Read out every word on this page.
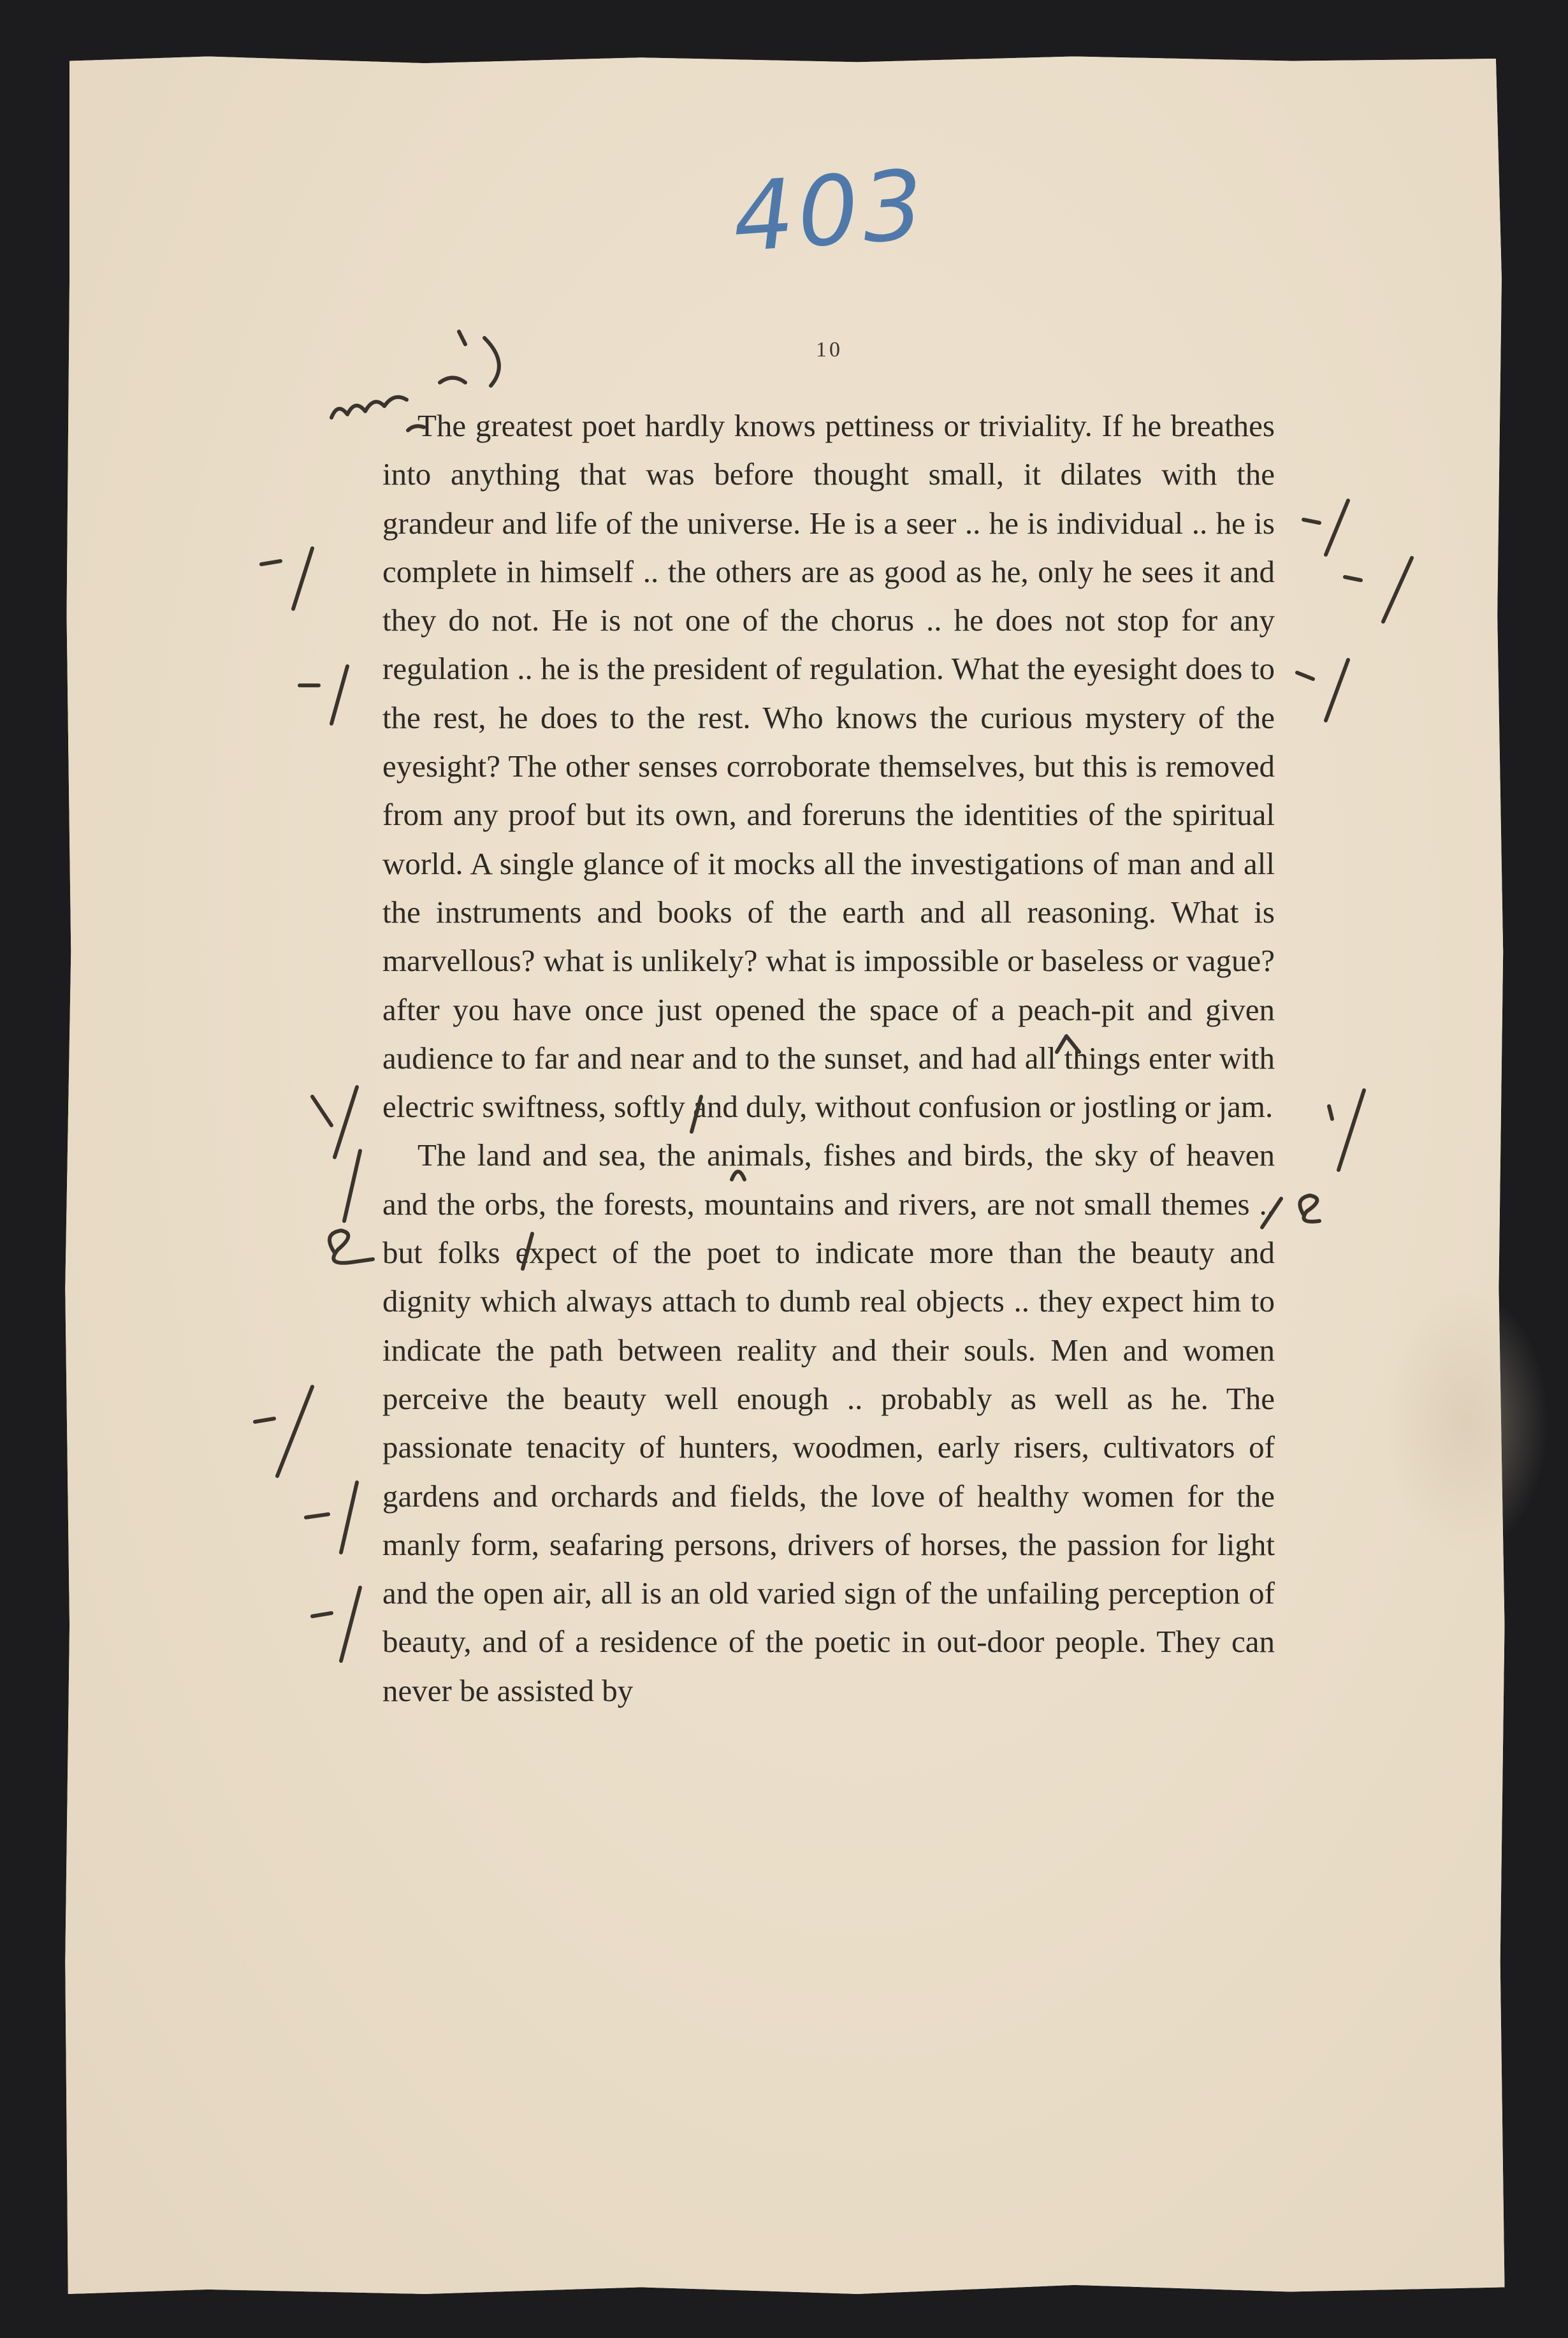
403
10

The greatest poet hardly knows pettiness or triviality. If he breathes into anything that was before thought small, it dilates with the grandeur and life of the universe. He is a seer .. he is individual .. he is complete in himself .. the others are as good as he, only he sees it and they do not. He is not one of the chorus .. he does not stop for any regulation .. he is the president of regulation. What the eyesight does to the rest, he does to the rest. Who knows the curious mystery of the eyesight? The other senses corroborate themselves, but this is removed from any proof but its own, and foreruns the identities of the spiritual world. A single glance of it mocks all the investigations of man and all the instruments and books of the earth and all reasoning. What is marvellous? what is unlikely? what is impossible or baseless or vague? after you have once just opened the space of a peach-pit and given audience to far and near and to the sunset, and had all things enter with electric swiftness, softly and duly, without confusion or jostling or jam.

The land and sea, the animals, fishes and birds, the sky of heaven and the orbs, the forests, mountains and rivers, are not small themes .. but folks expect of the poet to indicate more than the beauty and dignity which always attach to dumb real objects .. they expect him to indicate the path between reality and their souls. Men and women perceive the beauty well enough .. probably as well as he. The passionate tenacity of hunters, woodmen, early risers, cultivators of gardens and orchards and fields, the love of healthy women for the manly form, seafaring persons, drivers of horses, the passion for light and the open air, all is an old varied sign of the unfailing perception of beauty, and of a residence of the poetic in out-door people. They can never be assisted by
